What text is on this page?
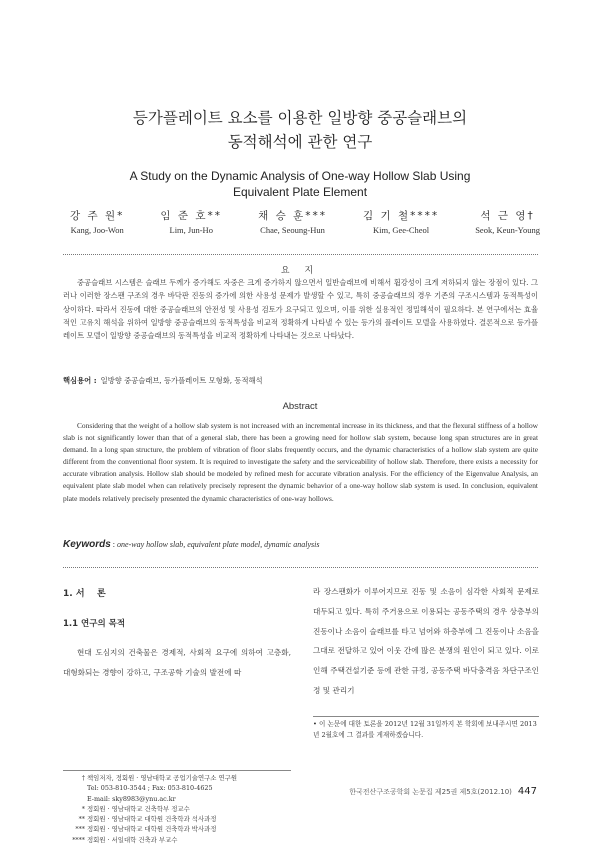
등가플레이트 요소를 이용한 일방향 중공슬래브의
동적해석에 관한 연구
A Study on the Dynamic Analysis of One-way Hollow Slab Using
Equivalent Plate Element
강 주 원*
Kang, Joo-Won
임 준 호**
Lim, Jun-Ho
채 승 훈***
Chae, Seoung-Hun
김 기 철****
Kim, Gee-Cheol
석 근 영†
Seok, Keun-Young
요 지
중공슬래브 시스템은 슬래브 두께가 증가해도 자중은 크게 증가하지 않으면서 일반슬래브에 비해서 휨강성이 크게 저하되지 않는 장점이 있다. 그러나 이러한 장스팬 구조의 경우 바닥판 진동의 증가에 의한 사용성 문제가 발생할 수 있고, 특히 중공슬래브의 경우 기존의 구조시스템과 동적특성이 상이하다. 따라서 진동에 대한 중공슬래브의 안전성 및 사용성 검토가 요구되고 있으며, 이를 위한 실용적인 정밀해석이 필요하다. 본 연구에서는 효율적인 고유치 해석을 위하여 일방향 중공슬래브의 동적특성을 비교적 정확하게 나타낼 수 있는 등가의 플레이트 모델을 사용하였다. 결론적으로 등가플레이트 모델이 일방향 중공슬래브의 동적특성을 비교적 정확하게 나타내는 것으로 나타났다.
핵심용어 : 일방향 중공슬래브, 등가플레이트 모형화, 동적해석
Abstract
Considering that the weight of a hollow slab system is not increased with an incremental increase in its thickness, and that the flexural stiffness of a hollow slab is not significantly lower than that of a general slab, there has been a growing need for hollow slab system, because long span structures are in great demand. In a long span structure, the problem of vibration of floor slabs frequently occurs, and the dynamic characteristics of a hollow slab system are quite different from the conventional floor system. It is required to investigate the safety and the serviceability of hollow slab. Therefore, there exists a necessity for accurate vibration analysis. Hollow slab should be modeled by refined mesh for accurate vibration analysis. For the efficiency of the Eigenvalue Analysis, an equivalent plate slab model when can relatively precisely represent the dynamic behavior of a one-way hollow slab system is used. In conclusion, equivalent plate models relatively precisely presented the dynamic characteristics of one-way hollows.
Keywords : one-way hollow slab, equivalent plate model, dynamic analysis
1. 서    론
1.1 연구의 목적

현대 도심지의 건축물은 경제적, 사회적 요구에 의하여 고층화, 대형화되는 경향이 강하고, 구조공학 기술의 발전에 따

라 장스팬화가 이루어지므로 진동 및 소음이 심각한 사회적 문제로 대두되고 있다. 특히 주거용으로 이용되는 공동주택의 경우 상층부의 진동이나 소음이 슬래브를 타고 넘어와 하층부에 그 진동이나 소음을 그대로 전달하고 있어 이웃 간에 많은 분쟁의 원인이 되고 있다. 이로 인해 주택건설기준 등에 관한 규정, 공동주택 바닥충격음 차단구조인정 및 관리기

† 책임저자, 정회원 · 영남대학교 공업기술연구소 연구원
Tel: 053-810-3544 ; Fax: 053-810-4625
E-mail: sky8983@ynu.ac.kr
* 정회원 · 영남대학교 건축학부 정교수
** 정회원 · 영남대학교 대학원 건축학과 석사과정
*** 정회원 · 영남대학교 대학원 건축학과 박사과정
**** 정회원 · 서일대학 건축과 부교수
• 이 논문에 대한 토론을 2012년 12월 31일까지 본 학회에 보내주시면 2013년 2월호에 그 결과를 게재하겠습니다.
한국전산구조공학회 논문집 제25권 제5호(2012.10) 447
